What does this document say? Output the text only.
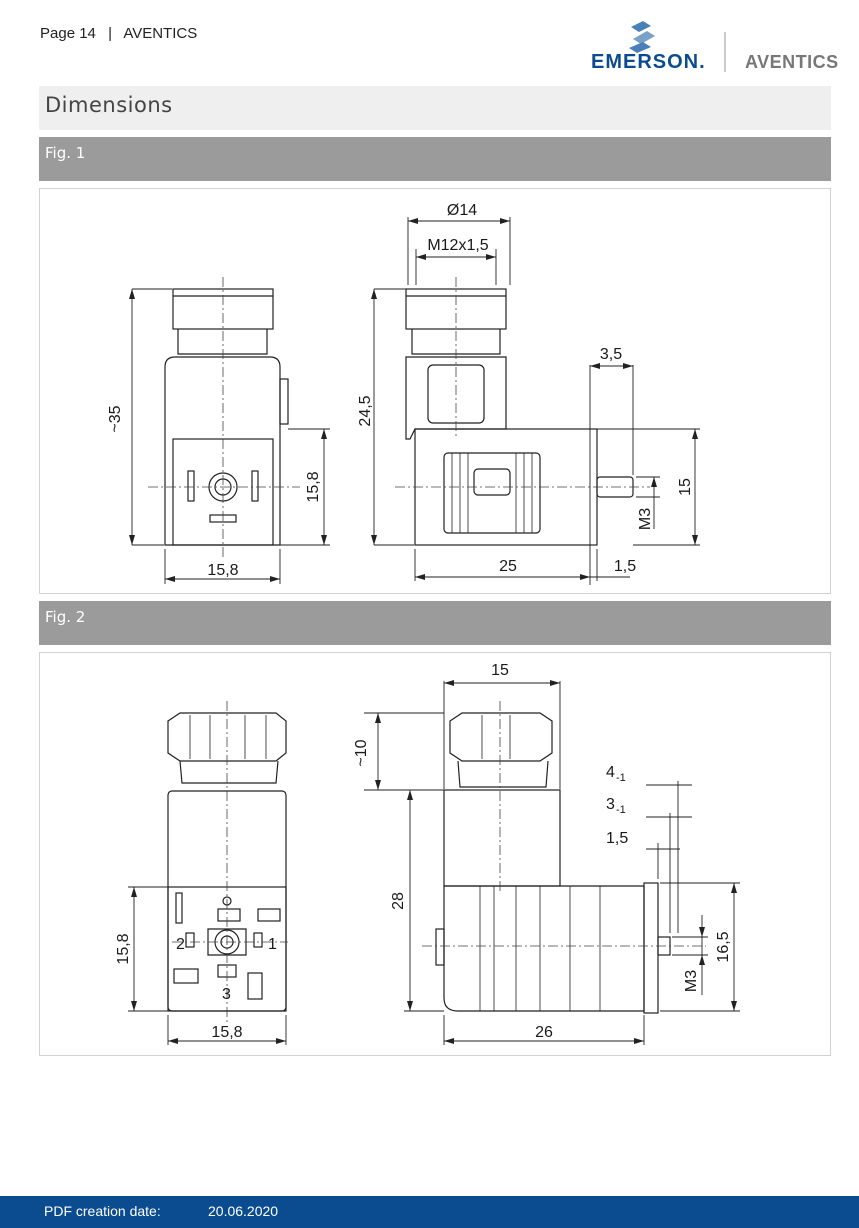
Page 14 | AVENTICS
EMERSON. AVENTICS
Dimensions
Fig. 1
~35
15,8
15,8
24,5
Ø14
M12x1,5
3,5
15
M3
25	1,5
Fig. 2
15
~10
28
15,8
15,8	26
4 -1
3 -1
1,5
16,5
M3
2	1
3
PDF creation date:	20.06.2020
